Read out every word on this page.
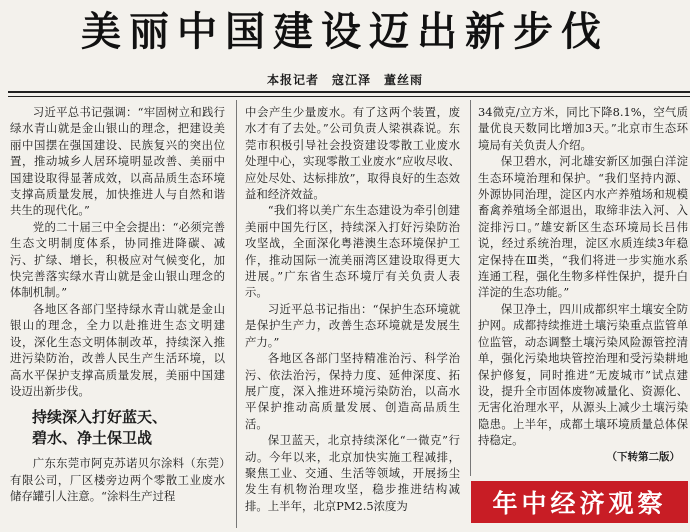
美丽中国建设迈出新步伐
本报记者　寇江泽　董丝雨

习近平总书记强调：“牢固树立和践行绿水青山就是金山银山的理念，把建设美丽中国摆在强国建设、民族复兴的突出位置，推动城乡人居环境明显改善、美丽中国建设取得显著成效，以高品质生态环境支撑高质量发展，加快推进人与自然和谐共生的现代化。”

党的二十届三中全会提出：“必须完善生态文明制度体系，协同推进降碳、减污、扩绿、增长，积极应对气候变化，加快完善落实绿水青山就是金山银山理念的体制机制。”

各地区各部门坚持绿水青山就是金山银山的理念，全力以赴推进生态文明建设，深化生态文明体制改革，持续深入推进污染防治，改善人民生产生活环境，以高水平保护支撑高质量发展，美丽中国建设迈出新步伐。

持续深入打好蓝天、
碧水、净土保卫战

广东东莞市阿克苏诺贝尔涂料（东莞）有限公司，厂区楼旁边两个零散工业废水储存罐引人注意。“涂料生产过程

中会产生少量废水。有了这两个装置，废水才有了去处。”公司负责人梁祺森说。东莞市积极引导社会投资建设零散工业废水处理中心，实现零散工业废水“应收尽收、应处尽处、达标排放”，取得良好的生态效益和经济效益。

“我们将以美广东生态建设为牵引创建美丽中国先行区，持续深入打好污染防治攻坚战，全面深化粤港澳生态环境保护工作，推动国际一流美丽湾区建设取得更大进展。”广东省生态环境厅有关负责人表示。

习近平总书记指出：“保护生态环境就是保护生产力，改善生态环境就是发展生产力。”

各地区各部门坚持精准治污、科学治污、依法治污，保持力度、延伸深度、拓展广度，深入推进环境污染防治，以高水平保护推动高质量发展、创造高品质生活。

保卫蓝天，北京持续深化“一微克”行动。今年以来，北京加快实施工程减排，聚焦工业、交通、生活等领域，开展扬尘发生有机物治理攻坚，稳步推进结构减排。上半年，北京PM2.5浓度为

34微克/立方米，同比下降8.1%，空气质量优良天数同比增加3天。”北京市生态环境局有关负责人介绍。

保卫碧水，河北雄安新区加强白洋淀生态环境治理和保护。“我们坚持内源、外源协同治理，淀区内水产养殖场和规模畜禽养殖场全部退出，取缔非法入河、入淀排污口。”雄安新区生态环境局长吕伟说，经过系统治理，淀区水质连续3年稳定保持在Ⅲ类，“我们将进一步实施水系连通工程，强化生物多样性保护，提升白洋淀的生态功能。”

保卫净土，四川成都织牢土壤安全防护网。成都持续推进土壤污染重点监管单位监管，动态调整土壤污染风险源管控清单，强化污染地块管控治理和受污染耕地保护修复，同时推进“无废城市”试点建设，提升全市固体废物减量化、资源化、无害化治理水平，从源头上减少土壤污染隐患。上半年，成都土壤环境质量总体保持稳定。

（下转第二版）

年中经济观察
